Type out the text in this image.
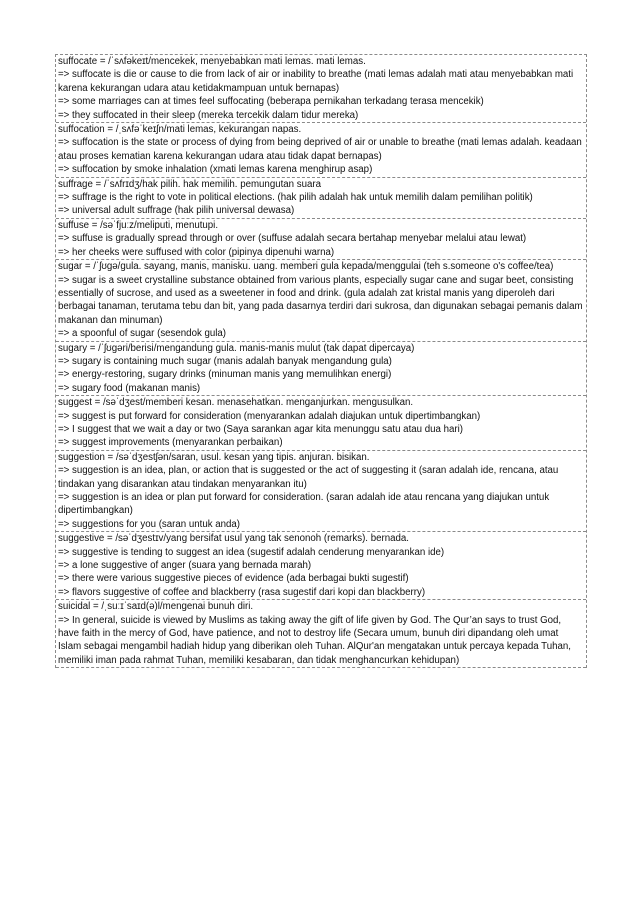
suffocate = /ˈsʌfəkeɪt/mencekek, menyebabkan mati lemas. mati lemas.
=> suffocate is die or cause to die from lack of air or inability to breathe (mati lemas adalah mati atau menyebabkan mati karena kekurangan udara atau ketidakmampuan untuk bernapas)
=> some marriages can at times feel suffocating (beberapa pernikahan terkadang terasa mencekik)
=> they suffocated in their sleep (mereka tercekik dalam tidur mereka)
suffocation = /ˌsʌfəˈkeɪʃn/mati lemas, kekurangan napas.
=> suffocation is the state or process of dying from being deprived of air or unable to breathe (mati lemas adalah. keadaan atau proses kematian karena kekurangan udara atau tidak dapat bernapas)
=> suffocation by smoke inhalation (xmati lemas karena menghirup asap)
suffrage = /ˈsʌfrɪdʒ/hak pilih. hak memilih. pemungutan suara
=> suffrage is the right to vote in political elections. (hak pilih adalah hak untuk memilih dalam pemilihan politik)
=> universal adult suffrage (hak pilih universal dewasa)
suffuse = /səˈfjuːz/meliputi, menutupi.
=> suffuse is gradually spread through or over (suffuse adalah secara bertahap menyebar melalui atau lewat)
=> her cheeks were suffused with color (pipinya dipenuhi warna)
sugar = /ˈʃʊɡə/gula. sayang, manis, manisku. uang. memberi gula kepada/menggulai (teh s.someone o's coffee/tea)
=> sugar is a sweet crystalline substance obtained from various plants, especially sugar cane and sugar beet, consisting essentially of sucrose, and used as a sweetener in food and drink. (gula adalah zat kristal manis yang diperoleh dari berbagai tanaman, terutama tebu dan bit, yang pada dasarnya terdiri dari sukrosa, dan digunakan sebagai pemanis dalam makanan dan minuman)
=> a spoonful of sugar (sesendok gula)
sugary = /ˈʃʊɡəri/berisi/mengandung gula. manis-manis mulut (tak dapat dipercaya)
=> sugary is containing much sugar (manis adalah banyak mengandung gula)
=> energy-restoring, sugary drinks (minuman manis yang memulihkan energi)
=> sugary food (makanan manis)
suggest = /səˈdʒest/memberi kesan. menasehatkan. menganjurkan. mengusulkan.
=> suggest is put forward for consideration (menyarankan adalah diajukan untuk dipertimbangkan)
=> I suggest that we wait a day or two (Saya sarankan agar kita menunggu satu atau dua hari)
=> suggest improvements (menyarankan perbaikan)
suggestion = /səˈdʒestʃən/saran, usul. kesan yang tipis. anjuran. bisikan.
=> suggestion is an idea, plan, or action that is suggested or the act of suggesting it (saran adalah ide, rencana, atau tindakan yang disarankan atau tindakan menyarankan itu)
=> suggestion is an idea or plan put forward for consideration. (saran adalah ide atau rencana yang diajukan untuk dipertimbangkan)
=> suggestions for you (saran untuk anda)
suggestive = /səˈdʒestɪv/yang bersifat usul yang tak senonoh (remarks). bernada.
=> suggestive is tending to suggest an idea (sugestif adalah cenderung menyarankan ide)
=> a lone suggestive of anger (suara yang bernada marah)
=> there were various suggestive pieces of evidence (ada berbagai bukti sugestif)
=> flavors suggestive of coffee and blackberry (rasa sugestif dari kopi dan blackberry)
suicidal = /ˌsuːɪˈsaɪd(ə)l/mengenai bunuh diri.
=> In general, suicide is viewed by Muslims as taking away the gift of life given by God. The Qur’an says to trust God, have faith in the mercy of God, have patience, and not to destroy life (Secara umum, bunuh diri dipandang oleh umat Islam sebagai mengambil hadiah hidup yang diberikan oleh Tuhan. AlQur'an mengatakan untuk percaya kepada Tuhan, memiliki iman pada rahmat Tuhan, memiliki kesabaran, dan tidak menghancurkan kehidupan)
